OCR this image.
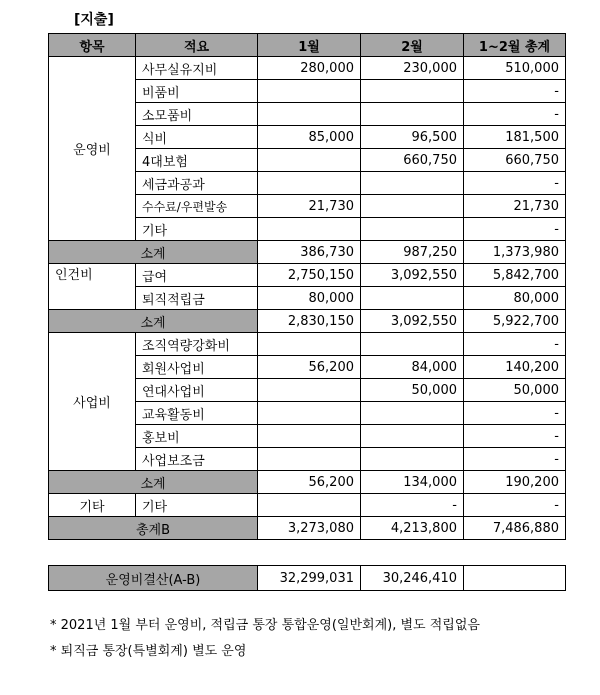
[지출]
항목	적요	1월	2월	1~2월 총계
운영비	사무실유지비	280,000	230,000	510,000
	비품비			-
	소모품비			-
	식비	85,000	96,500	181,500
	4대보험		660,750	660,750
	세금과공과			-
	수수료/우편발송	21,730		21,730
	기타			-
소계		386,730	987,250	1,373,980
인건비	급여	2,750,150	3,092,550	5,842,700
	퇴직적립금	80,000		80,000
소계		2,830,150	3,092,550	5,922,700
사업비	조직역량강화비			-
	회원사업비	56,200	84,000	140,200
	연대사업비		50,000	50,000
	교육활동비			-
	홍보비			-
	사업보조금			-
소계		56,200	134,000	190,200
기타	기타		-	-
총계B		3,273,080	4,213,800	7,486,880
운영비결산(A-B)	32,299,031	30,246,410	
* 2021년 1월 부터 운영비, 적립금 통장 통합운영(일반회계), 별도 적립없음
* 퇴직금 통장(특별회계) 별도 운영
